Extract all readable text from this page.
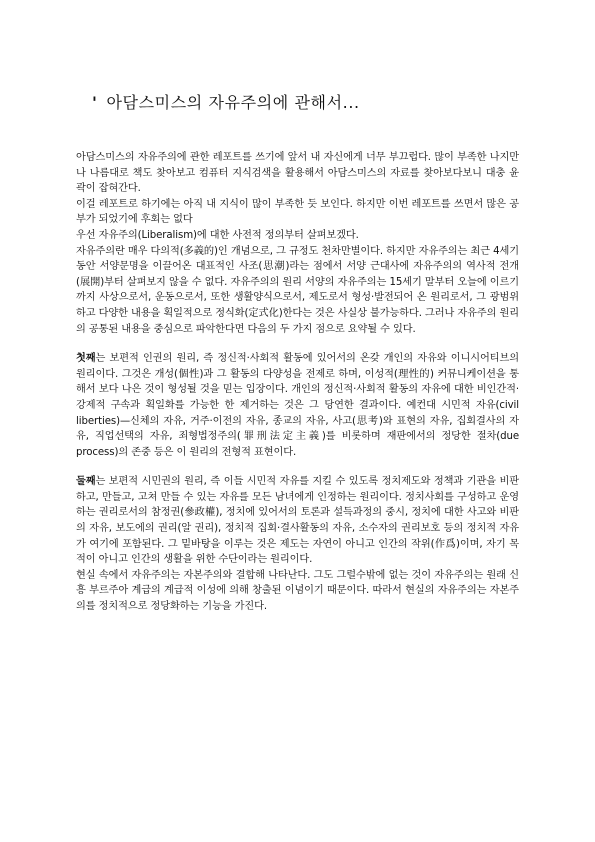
' 아담스미스의 자유주의에 관해서...

아담스미스의 자유주의에 관한 레포트를 쓰기에 앞서 내 자신에게 너무 부끄럽다. 많이 부족한 나지만 나 나름대로 책도 찾아보고 컴퓨터 지식검색을 활용해서 아담스미스의 자료를 찾아보다보니 대충 윤곽이 잡혀간다.

이걸 레포트로 하기에는 아직 내 지식이 많이 부족한 듯 보인다. 하지만 이번 레포트를 쓰면서 많은 공부가 되었기에 후회는 없다

우선 자유주의(Liberalism)에 대한 사전적 정의부터 살펴보겠다.

자유주의란 매우 다의적(多義的)인 개념으로, 그 규정도 천차만별이다. 하지만 자유주의는 최근 4세기 동안 서양문명을 이끌어온 대표적인 사조(思潮)라는 점에서 서양 근대사에 자유주의의 역사적 전개(展開)부터 살펴보지 않을 수 없다. 자유주의의 원리 서양의 자유주의는 15세기 말부터 오늘에 이르기까지 사상으로서, 운동으로서, 또한 생활양식으로서, 제도로서 형성·발전되어 온 원리로서, 그 광범위하고 다양한 내용을 획일적으로 정식화(定式化)한다는 것은 사실상 불가능하다. 그러나 자유주의 원리의 공통된 내용을 중심으로 파악한다면 다음의 두 가지 점으로 요약될 수 있다.

첫째는 보편적 인권의 원리, 즉 정신적·사회적 활동에 있어서의 온갖 개인의 자유와 이니시어티브의 원리이다. 그것은 개성(個性)과 그 활동의 다양성을 전제로 하며, 이성적(理性的) 커뮤니케이션을 통해서 보다 나은 것이 형성될 것을 믿는 입장이다. 개인의 정신적·사회적 활동의 자유에 대한 비인간적·강제적 구속과 획일화를 가능한 한 제거하는 것은 그 당연한 결과이다. 예컨대 시민적 자유(civil liberties)—신체의 자유, 거주·이전의 자유, 종교의 자유, 사고(思考)와 표현의 자유, 집회결사의 자유, 직업선택의 자유, 죄형법정주의(罪刑法定主義)를 비롯하며 재판에서의 정당한 절차(due process)의 존중 등은 이 원리의 전형적 표현이다.

둘째는 보편적 시민권의 원리, 즉 이들 시민적 자유를 지킬 수 있도록 정치제도와 정책과 기관을 비판하고, 만들고, 고쳐 만들 수 있는 자유를 모든 남녀에게 인정하는 원리이다. 정치사회를 구성하고 운영하는 권리로서의 참정권(參政權), 정치에 있어서의 토론과 설득과정의 중시, 정치에 대한 사고와 비판의 자유, 보도에의 권리(알 권리), 정치적 집회·결사활동의 자유, 소수자의 권리보호 등의 정치적 자유가 여기에 포함된다. 그 밑바탕을 이루는 것은 제도는 자연이 아니고 인간의 작위(作爲)이며, 자기 목적이 아니고 인간의 생활을 위한 수단이라는 원리이다.

현실 속에서 자유주의는 자본주의와 결합해 나타난다. 그도 그럴수밖에 없는 것이 자유주의는 원래 신흥 부르주아 계급의 계급적 이성에 의해 창출된 이념이기 때문이다. 따라서 현실의 자유주의는 자본주의를 정치적으로 정당화하는 기능을 가진다.
